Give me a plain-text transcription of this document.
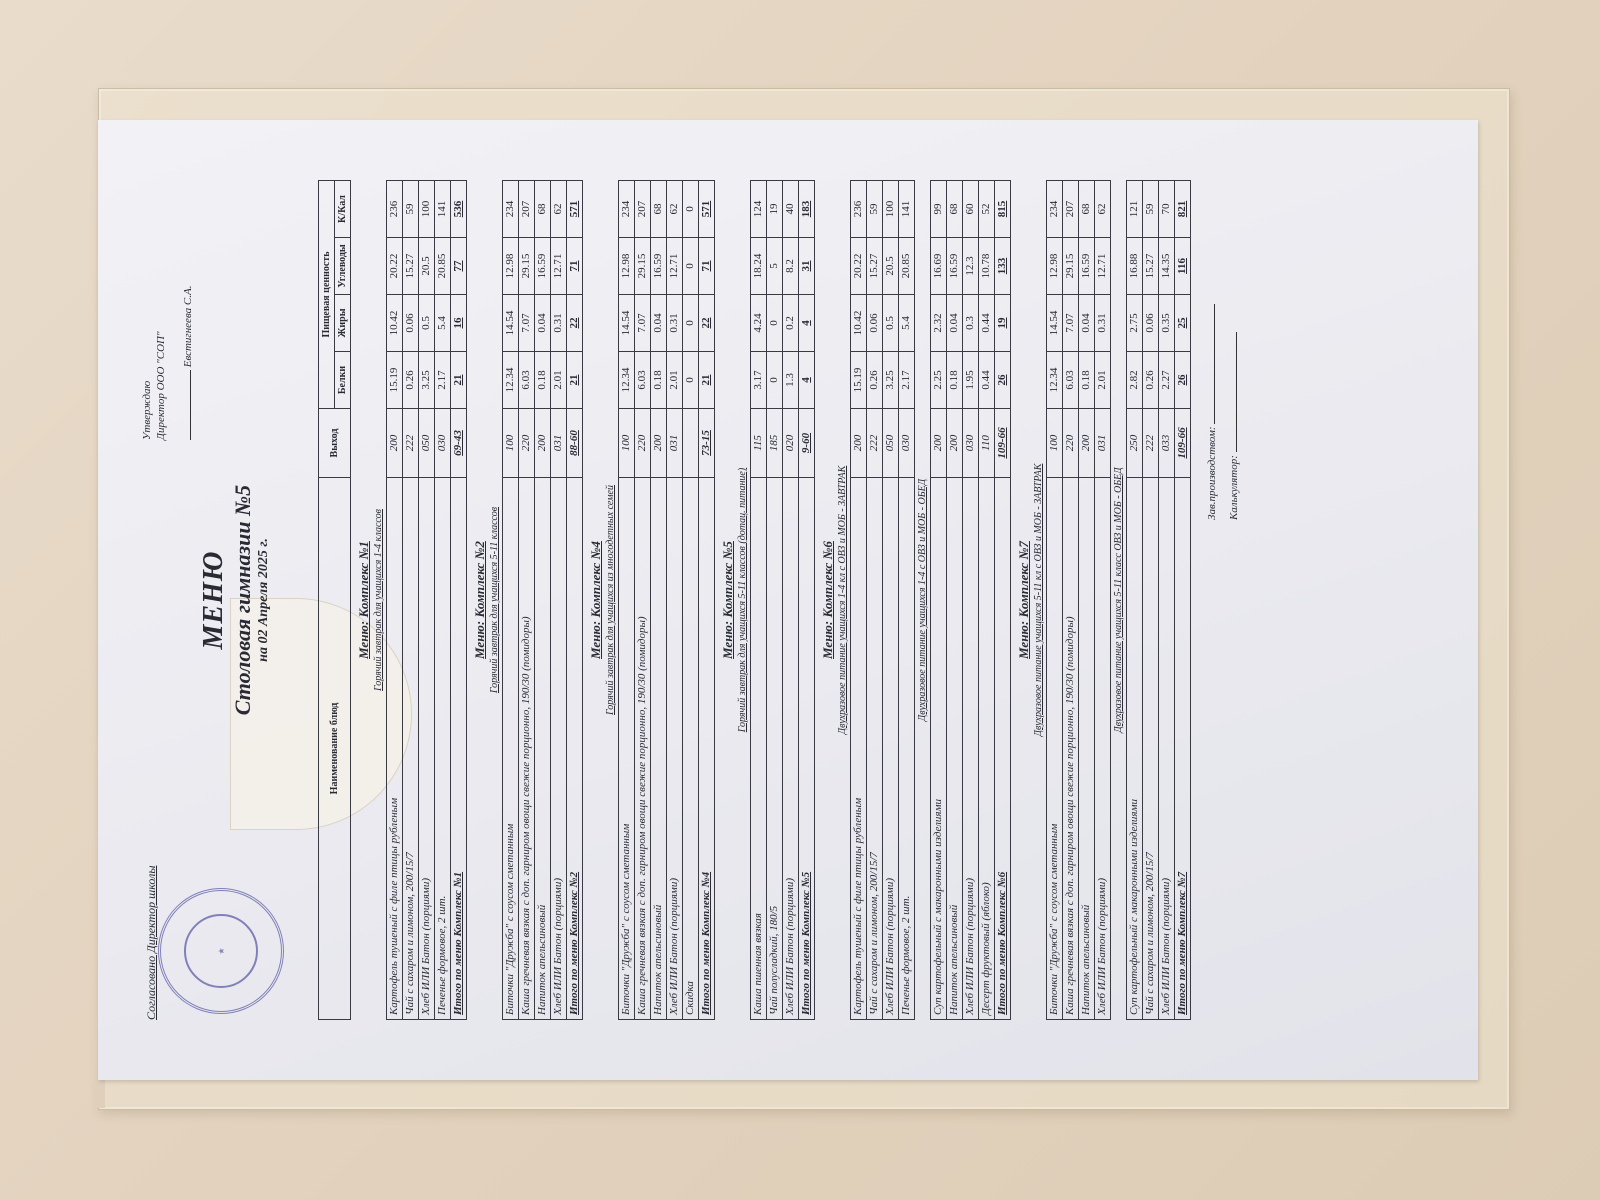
Согласовано Директор школы	★
Утверждаю Директор ООО "СОП"
Евстигнеева С.А.
МЕНЮ Столовая гимназии №5 на 02 Апреля 2025 г.
Наименование блюд	Выход	Пищевая ценность			
		Белки	Жиры	Углеводы	К/Кал
Меню: Комплекс №1					
Горячий завтрак для учащихся 1-4 классов					
Картофель тушеный с филе птицы рубленым	200	15.19	10.42	20.22	236
Чай с сахаром и лимоном, 200/15/7	222	0.26	0.06	15.27	59
Хлеб ИЛИ Батон (порциями)	050	3.25	0.5	20.5	100
Печенье формовое, 2 шт.	030	2.17	5.4	20.85	141
Итого по меню Комплекс №1	69-43	21	16	77	536
Меню: Комплекс №2					
Горячий завтрак для учащихся 5-11 классов					
Биточки "Дружба" с соусом сметанным	100	12.34	14.54	12.98	234
Каша гречневая вязкая с доп. гарниром овощи свежие порционно, 190/30 (помидоры)	220	6.03	7.07	29.15	207
Напиток апельсиновый	200	0.18	0.04	16.59	68
Хлеб ИЛИ Батон (порциями)	031	2.01	0.31	12.71	62
Итого по меню Комплекс №2	88-60	21	22	71	571
Меню: Комплекс №4					
Горячий завтрак для учащихся из многодетных семей					
Биточки "Дружба" с соусом сметанным	100	12.34	14.54	12.98	234
Каша гречневая вязкая с доп. гарниром овощи свежие порционно, 190/30 (помидоры)	220	6.03	7.07	29.15	207
Напиток апельсиновый	200	0.18	0.04	16.59	68
Хлеб ИЛИ Батон (порциями)	031	2.01	0.31	12.71	62
Скидка		0	0	0	0
Итого по меню Комплекс №4	73-15	21	22	71	571
Меню: Комплекс №5					
Горячий завтрак для учащихся 5-11 классов (дотац. питание)					
Каша пшенная вязкая	115	3.17	4.24	18.24	124
Чай полусладкий, 180/5	185	0	0	5	19
Хлеб ИЛИ Батон (порциями)	020	1.3	0.2	8.2	40
Итого по меню Комплекс №5	9-60	4	4	31	183
Меню: Комплекс №6					
Двухразовое питание учащихся 1-4 кл с ОВЗ и МОБ - ЗАВТРАК					
Картофель тушеный с филе птицы рубленым	200	15.19	10.42	20.22	236
Чай с сахаром и лимоном, 200/15/7	222	0.26	0.06	15.27	59
Хлеб ИЛИ Батон (порциями)	050	3.25	0.5	20.5	100
Печенье формовое, 2 шт.	030	2.17	5.4	20.85	141
Двухразовое питание учащихся 1-4 с ОВЗ и МОБ - ОБЕД					
Суп картофельный с макаронными изделиями	200	2.25	2.32	16.69	99
Напиток апельсиновый	200	0.18	0.04	16.59	68
Хлеб ИЛИ Батон (порциями)	030	1.95	0.3	12.3	60
Десерт фруктовый (яблоко)	110	0.44	0.44	10.78	52
Итого по меню Комплекс №6	109-66	26	19	133	815
Меню: Комплекс №7					
Двухразовое питание учащихся 5-11 кл с ОВЗ и МОБ - ЗАВТРАК					
Биточки "Дружба" с соусом сметанным	100	12.34	14.54	12.98	234
Каша гречневая вязкая с доп. гарниром овощи свежие порционно, 190/30 (помидоры)	220	6.03	7.07	29.15	207
Напиток апельсиновый	200	0.18	0.04	16.59	68
Хлеб ИЛИ Батон (порциями)	031	2.01	0.31	12.71	62
Двухразовое питание учащихся 5-11 класс ОВЗ и МОБ - ОБЕД					
Суп картофельный с макаронными изделиями	250	2.82	2.75	16.88	121
Чай с сахаром и лимоном, 200/15/7	222	0.26	0.06	15.27	59
Хлеб ИЛИ Батон (порциями)	033	2.27	0.35	14.35	70
Итого по меню Комплекс №7	109-66	26	25	116	821
Зав.производством: Калькулятор:
